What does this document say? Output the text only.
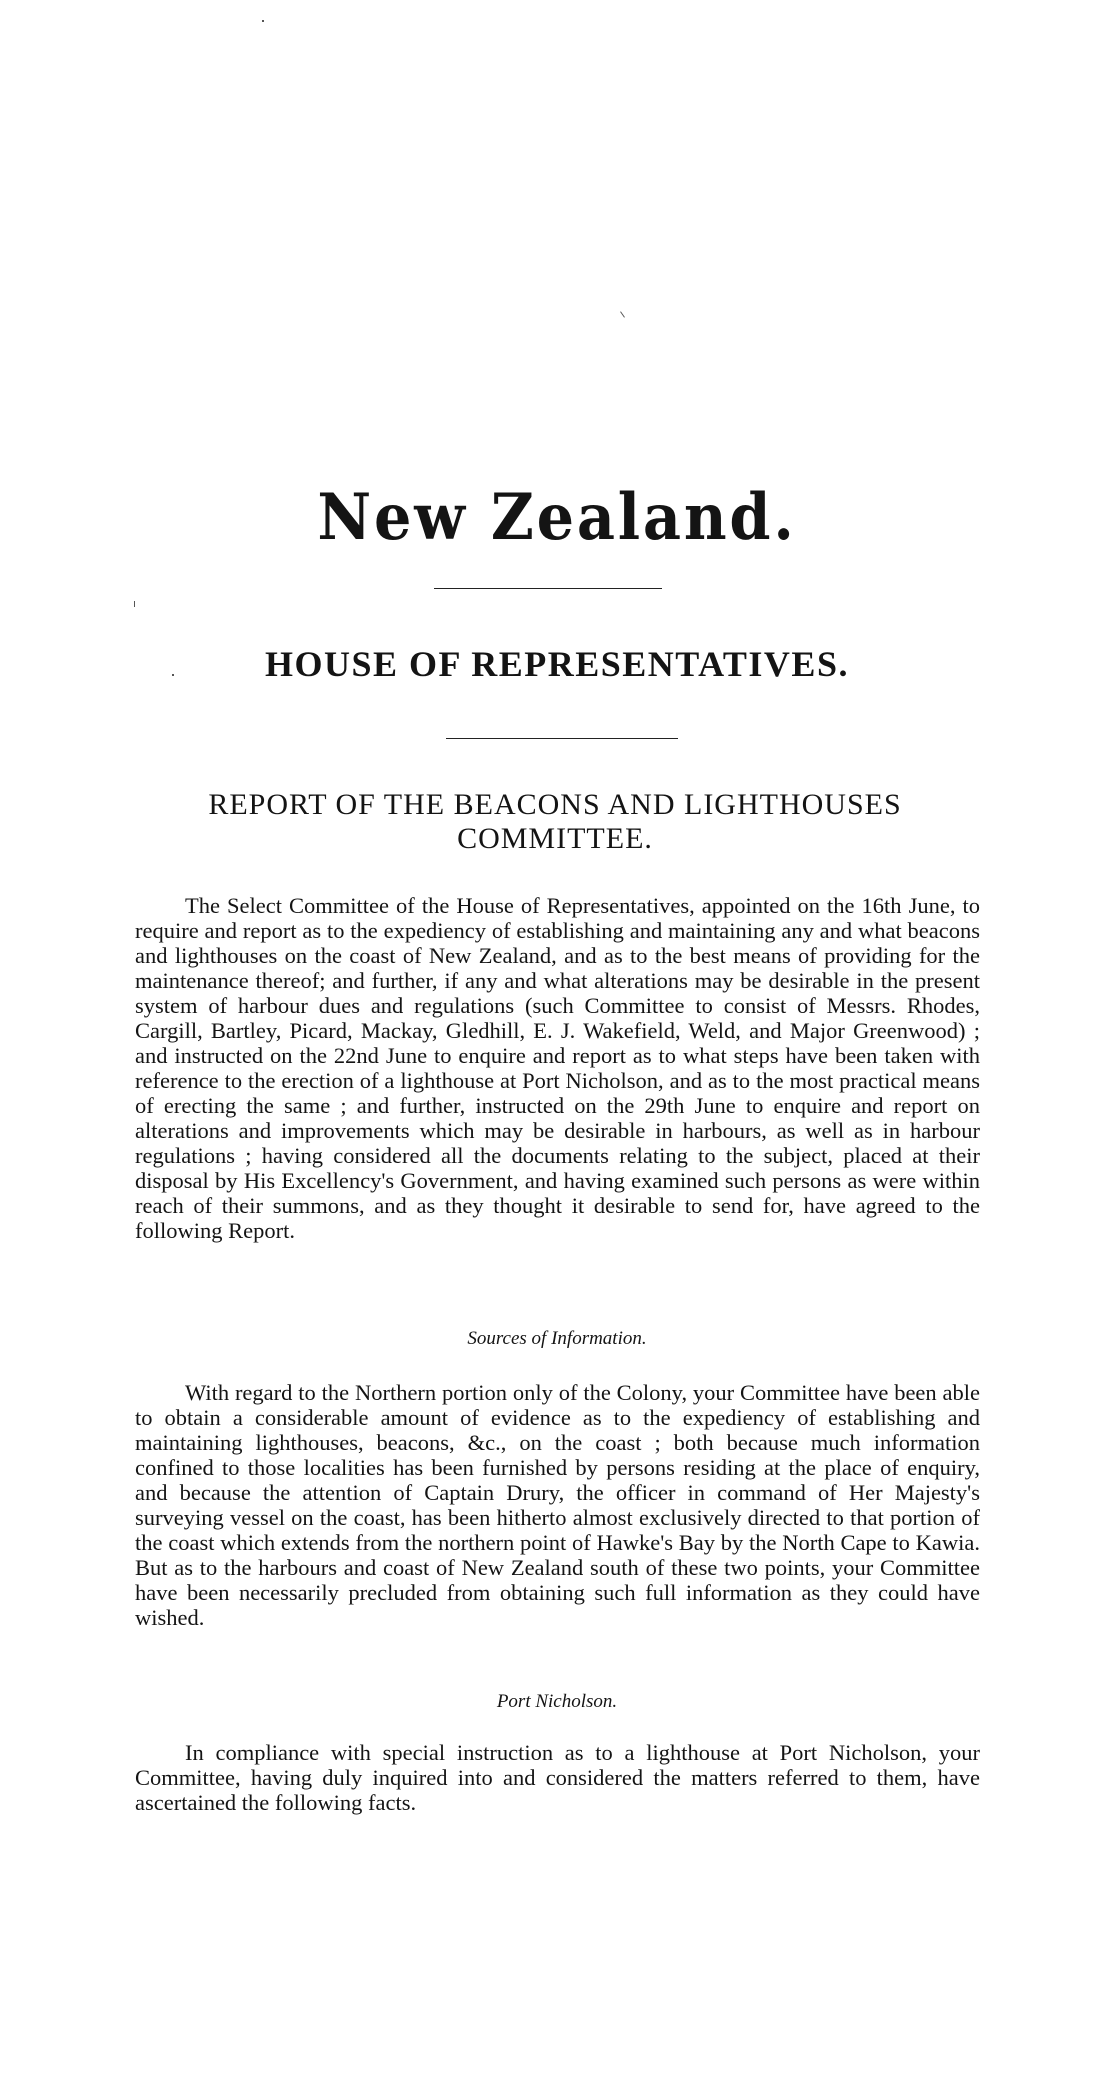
New Zealand.
HOUSE OF REPRESENTATIVES.
REPORT OF THE BEACONS AND LIGHTHOUSES COMMITTEE.

The Select Committee of the House of Representatives, appointed on the 16th June, to require and report as to the expediency of establishing and maintaining any and what beacons and lighthouses on the coast of New Zealand, and as to the best means of providing for the maintenance thereof; and further, if any and what alterations may be desirable in the present system of harbour dues and regulations (such Committee to consist of Messrs. Rhodes, Cargill, Bartley, Picard, Mackay, Gledhill, E. J. Wakefield, Weld, and Major Greenwood) ; and instructed on the 22nd June to enquire and report as to what steps have been taken with reference to the erection of a lighthouse at Port Nicholson, and as to the most practical means of erecting the same ; and further, instructed on the 29th June to enquire and report on alterations and improvements which may be desirable in harbours, as well as in harbour regulations ; having considered all the documents relating to the subject, placed at their disposal by His Excellency's Government, and having examined such persons as were within reach of their summons, and as they thought it desirable to send for, have agreed to the following Report.

Sources of Information.

With regard to the Northern portion only of the Colony, your Committee have been able to obtain a considerable amount of evidence as to the expediency of establishing and maintaining lighthouses, beacons, &c., on the coast ; both because much information confined to those localities has been furnished by persons residing at the place of enquiry, and because the attention of Captain Drury, the officer in command of Her Majesty's surveying vessel on the coast, has been hitherto almost exclusively directed to that portion of the coast which extends from the northern point of Hawke's Bay by the North Cape to Kawia. But as to the harbours and coast of New Zealand south of these two points, your Committee have been necessarily precluded from obtaining such full information as they could have wished.

Port Nicholson.

In compliance with special instruction as to a lighthouse at Port Nicholson, your Committee, having duly inquired into and considered the matters referred to them, have ascertained the following facts.
